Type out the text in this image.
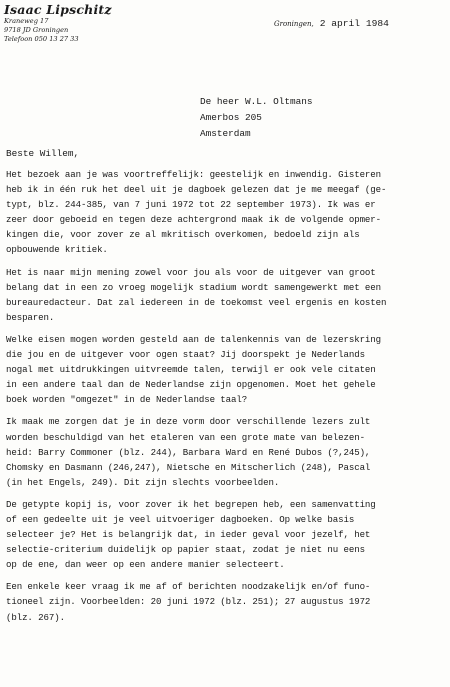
Isaac Lipschitz
Kraneweg 17
9718 JD Groningen
Telefoon 050 13 27 33
Groningen, 2 april 1984
De heer W.L. Oltmans
Amerbos 205
Amsterdam
Beste Willem,
Het bezoek aan je was voortreffelijk: geestelijk en inwendig. Gisteren
heb ik in één ruk het deel uit je dagboek gelezen dat je me meegaf (ge-
typt, blz. 244-385, van 7 juni 1972 tot 22 september 1973). Ik was er
zeer door geboeid en tegen deze achtergrond maak ik de volgende opmer-
kingen die, voor zover ze al mkritisch overkomen, bedoeld zijn als
opbouwende kritiek.
Het is naar mijn mening zowel voor jou als voor de uitgever van groot
belang dat in een zo vroeg mogelijk stadium wordt samengewerkt met een
bureauredacteur. Dat zal iedereen in de toekomst veel ergenis en kosten
besparen.
Welke eisen mogen worden gesteld aan de talenkennis van de lezerskring
die jou en de uitgever voor ogen staat? Jij doorspekt je Nederlands
nogal met uitdrukkingen uitvreemde talen, terwijl er ook vele citaten
in een andere taal dan de Nederlandse zijn opgenomen. Moet het gehele
boek worden "omgezet" in de Nederlandse taal?
Ik maak me zorgen dat je in deze vorm door verschillende lezers zult
worden beschuldigd van het etaleren van een grote mate van belezen-
heid: Barry Commoner (blz. 244), Barbara Ward en René Dubos (?,245),
Chomsky en Dasmann (246,247), Nietsche en Mitscherlich (248), Pascal
(in het Engels, 249). Dit zijn slechts voorbeelden.
De getypte kopij is, voor zover ik het begrepen heb, een samenvatting
of een gedeelte uit je veel uitvoeriger dagboeken. Op welke basis
selecteer je? Het is belangrijk dat, in ieder geval voor jezelf, het
selectie-criterium duidelijk op papier staat, zodat je niet nu eens
op de ene, dan weer op een andere manier selecteert.
Een enkele keer vraag ik me af of berichten noodzakelijk en/of funo-
tioneel zijn. Voorbeelden: 20 juni 1972 (blz. 251); 27 augustus 1972
(blz. 267).
